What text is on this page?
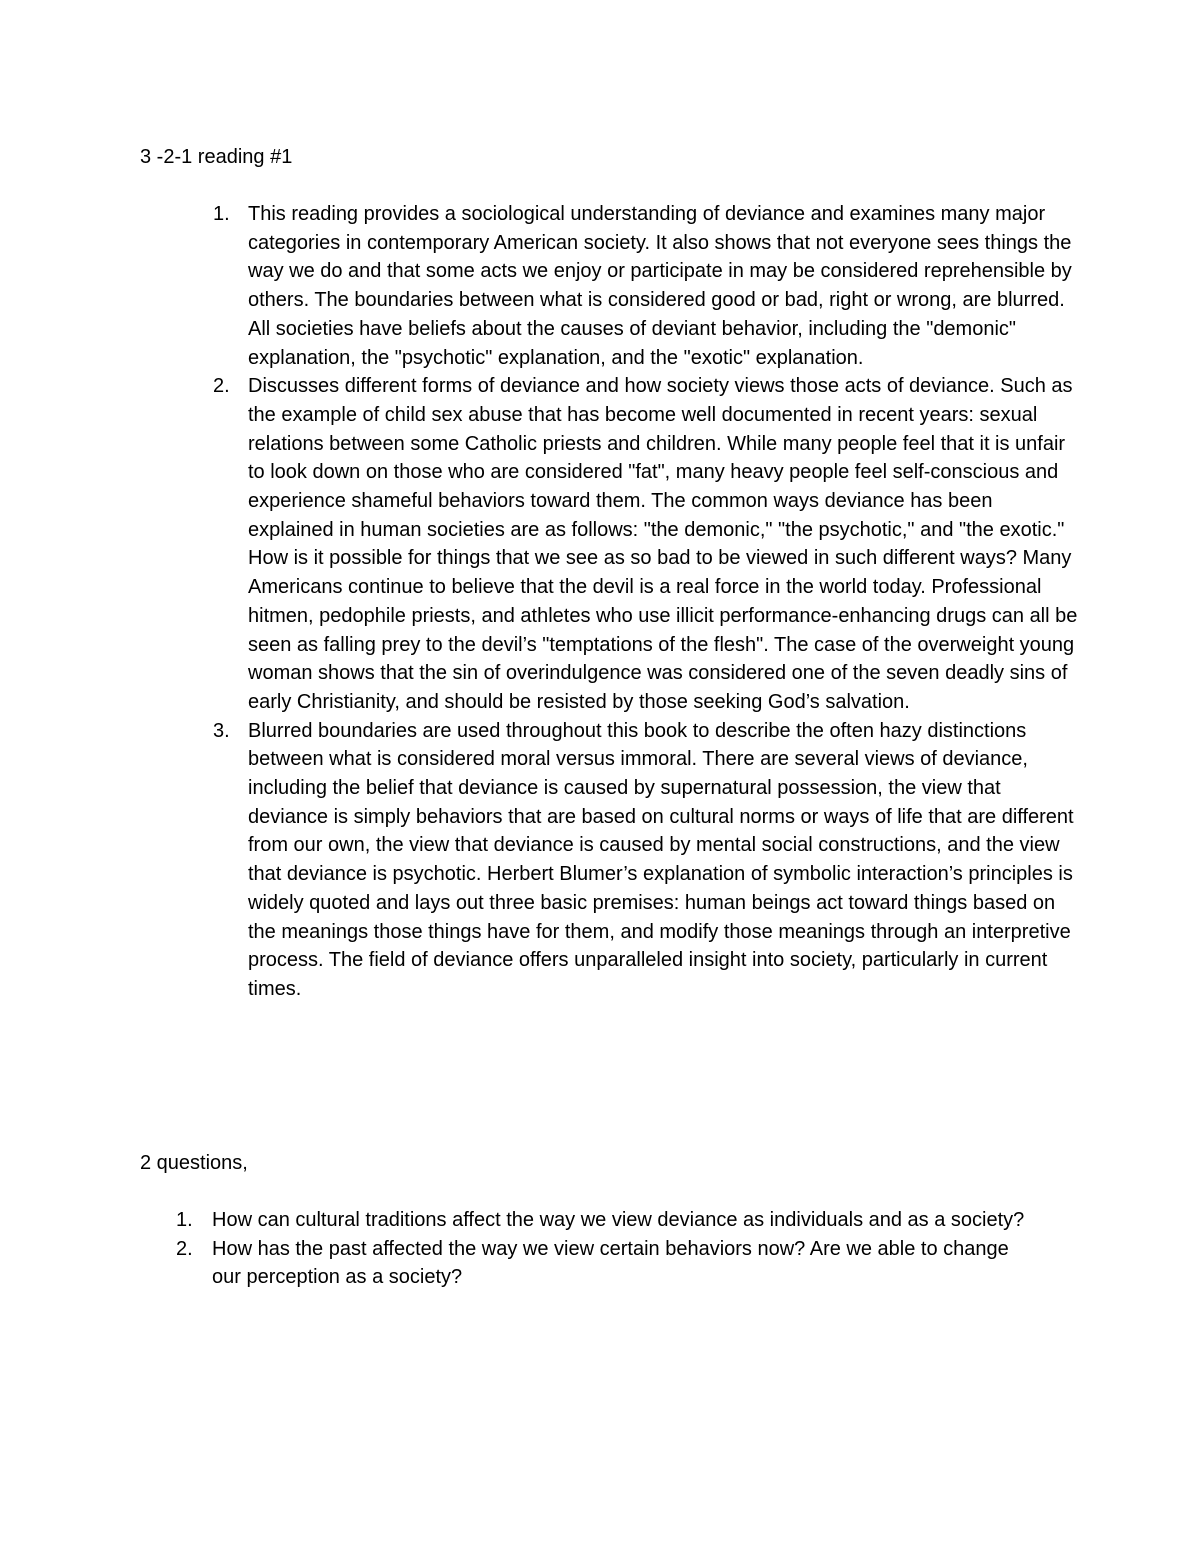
3 -2-1 reading #1

1. This reading provides a sociological understanding of deviance and examines many major categories in contemporary American society. It also shows that not everyone sees things the way we do and that some acts we enjoy or participate in may be considered reprehensible by others. The boundaries between what is considered good or bad, right or wrong, are blurred. All societies have beliefs about the causes of deviant behavior, including the "demonic" explanation, the "psychotic" explanation, and the "exotic" explanation.
2. Discusses different forms of deviance and how society views those acts of deviance. Such as the example of child sex abuse that has become well documented in recent years: sexual relations between some Catholic priests and children. While many people feel that it is unfair to look down on those who are considered "fat", many heavy people feel self-conscious and experience shameful behaviors toward them. The common ways deviance has been explained in human societies are as follows: "the demonic," "the psychotic," and "the exotic." How is it possible for things that we see as so bad to be viewed in such different ways? Many Americans continue to believe that the devil is a real force in the world today. Professional hitmen, pedophile priests, and athletes who use illicit performance-enhancing drugs can all be seen as falling prey to the devil’s "temptations of the flesh". The case of the overweight young woman shows that the sin of overindulgence was considered one of the seven deadly sins of early Christianity, and should be resisted by those seeking God’s salvation.
3. Blurred boundaries are used throughout this book to describe the often hazy distinctions between what is considered moral versus immoral. There are several views of deviance, including the belief that deviance is caused by supernatural possession, the view that deviance is simply behaviors that are based on cultural norms or ways of life that are different from our own, the view that deviance is caused by mental social constructions, and the view that deviance is psychotic. Herbert Blumer’s explanation of symbolic interaction’s principles is widely quoted and lays out three basic premises: human beings act toward things based on the meanings those things have for them, and modify those meanings through an interpretive process. The field of deviance offers unparalleled insight into society, particularly in current times.

2 questions,

1. How can cultural traditions affect the way we view deviance as individuals and as a society?
2. How has the past affected the way we view certain behaviors now? Are we able to change our perception as a society?
